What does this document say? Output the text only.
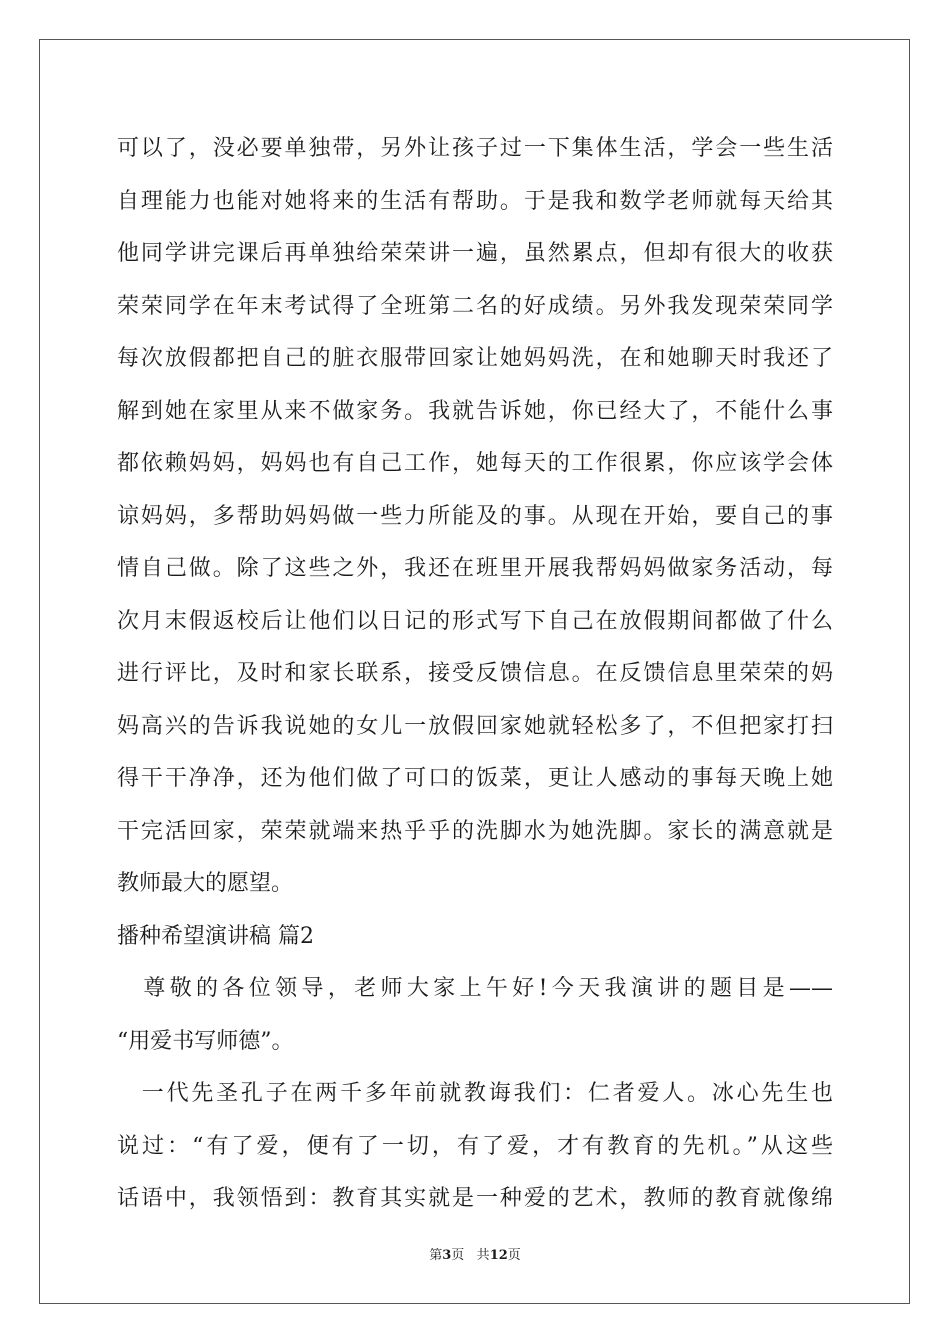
可以了，没必要单独带，另外让孩子过一下集体生活，学会一些生活
自理能力也能对她将来的生活有帮助。于是我和数学老师就每天给其
他同学讲完课后再单独给荣荣讲一遍，虽然累点，但却有很大的收获
荣荣同学在年末考试得了全班第二名的好成绩。另外我发现荣荣同学
每次放假都把自己的脏衣服带回家让她妈妈洗，在和她聊天时我还了
解到她在家里从来不做家务。我就告诉她，你已经大了，不能什么事
都依赖妈妈，妈妈也有自己工作，她每天的工作很累，你应该学会体
谅妈妈，多帮助妈妈做一些力所能及的事。从现在开始，要自己的事
情自己做。除了这些之外，我还在班里开展我帮妈妈做家务活动，每
次月末假返校后让他们以日记的形式写下自己在放假期间都做了什么
进行评比，及时和家长联系，接受反馈信息。在反馈信息里荣荣的妈
妈高兴的告诉我说她的女儿一放假回家她就轻松多了，不但把家打扫
得干干净净，还为他们做了可口的饭菜，更让人感动的事每天晚上她
干完活回家，荣荣就端来热乎乎的洗脚水为她洗脚。家长的满意就是
教师最大的愿望。
播种希望演讲稿 篇2
　尊敬的各位领导，老师大家上午好!今天我演讲的题目是——
“用爱书写师德”。
　一代先圣孔子在两千多年前就教诲我们：仁者爱人。冰心先生也
说过：“有了爱，便有了一切，有了爱，才有教育的先机。”从这些
话语中，我领悟到：教育其实就是一种爱的艺术，教师的教育就像绵
第3页 共12页
